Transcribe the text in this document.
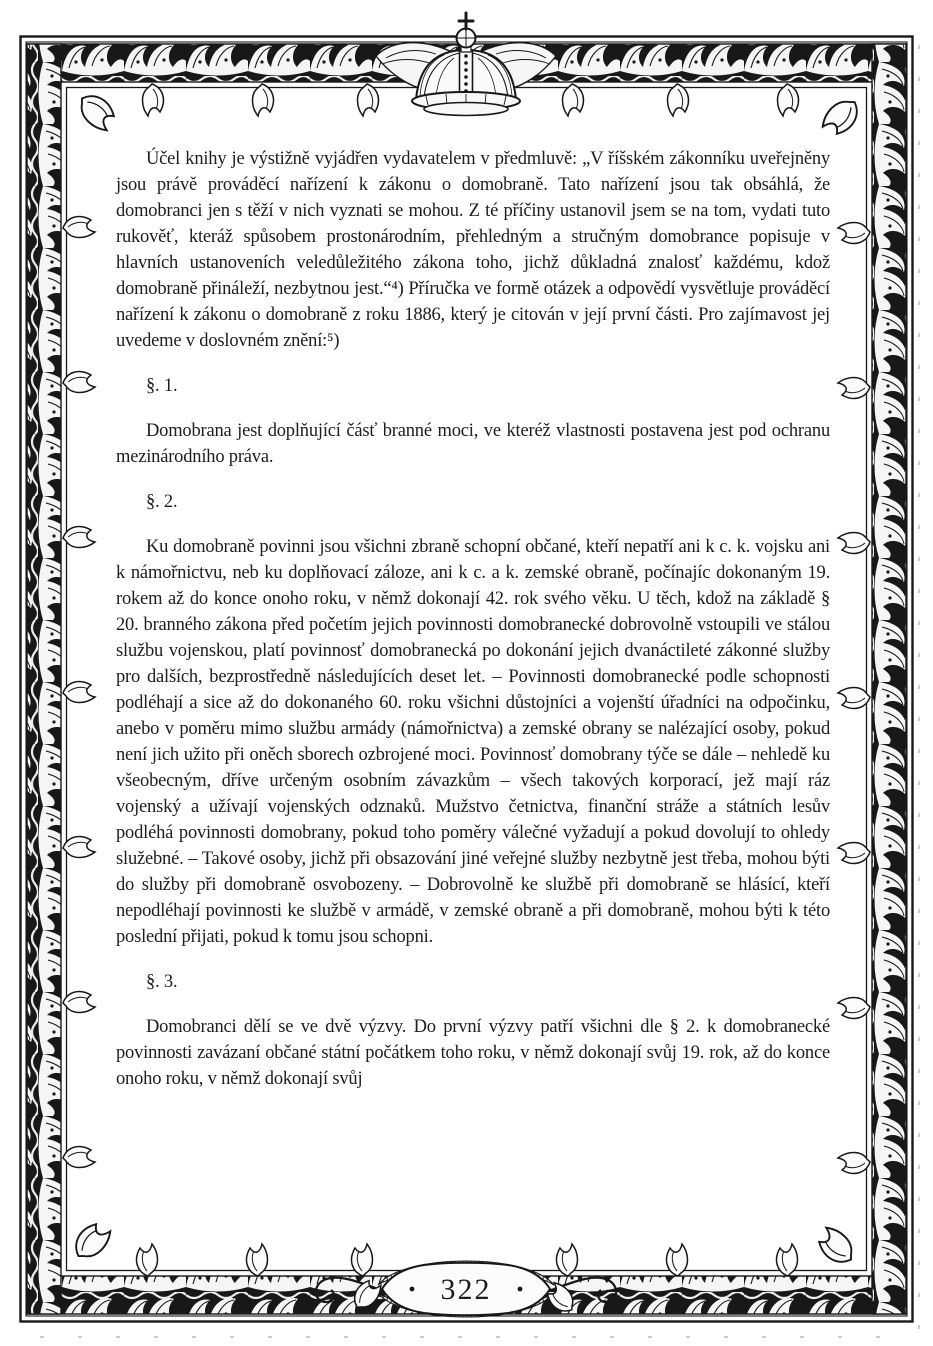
322

Účel knihy je výstižně vyjádřen vydavatelem v předmluvě: „V říšském zákonníku uveřejněny jsou právě prováděcí nařízení k zákonu o domobraně. Tato nařízení jsou tak obsáhlá, že domobranci jen s těží v nich vyznati se mohou. Z té příčiny ustanovil jsem se na tom, vydati tuto rukověť, kteráž spůsobem prostonárodním, přehledným a stručným domobrance popisuje v hlavních ustanoveních veledůležitého zákona toho, jichž důkladná znalosť každému, kdož domobraně přináleží, nezbytnou jest.“⁴) Příručka ve formě otázek a odpovědí vysvětluje prováděcí nařízení k zákonu o domobraně z roku 1886, který je citován v její první části. Pro zajímavost jej uvedeme v doslovném znění:⁵)

§. 1.

Domobrana jest doplňující čásť branné moci, ve kteréž vlastnosti postavena jest pod ochranu mezinárodního práva.

§. 2.

Ku domobraně povinni jsou všichni zbraně schopní občané, kteří nepatří ani k c. k. vojsku ani k námořnictvu, neb ku doplňovací záloze, ani k c. a k. zemské obraně, počínajíc dokonaným 19. rokem až do konce onoho roku, v němž dokonají 42. rok svého věku. U těch, kdož na základě § 20. branného zákona před početím jejich povinnosti domobranecké dobrovolně vstoupili ve stálou službu vojenskou, platí povinnosť domobranecká po dokonání jejich dvanáctileté zákonné služby pro dalších, bezprostředně následujících deset let. – Povinnosti domobranecké podle schopnosti podléhají a sice až do dokonaného 60. roku všichni důstojníci a vojenští úřadníci na odpočinku, anebo v poměru mimo službu armády (námořnictva) a zemské obrany se nalézající osoby, pokud není jich užito při oněch sborech ozbrojené moci. Povinnosť domobrany týče se dále – nehledě ku všeobecným, dříve určeným osobním závazkům – všech takových korporací, jež mají ráz vojenský a užívají vojenských odznaků. Mužstvo četnictva, finanční stráže a státních lesův podléhá povinnosti domobrany, pokud toho poměry válečné vyžadují a pokud dovolují to ohledy služebné. – Takové osoby, jichž při obsazování jiné veřejné služby nezbytně jest třeba, mohou býti do služby při domobraně osvobozeny. – Dobrovolně ke službě při domobraně se hlásící, kteří nepodléhají povinnosti ke službě v armádě, v zemské obraně a při domobraně, mohou býti k této poslední přijati, pokud k tomu jsou schopni.

§. 3.

Domobranci dělí se ve dvě výzvy. Do první výzvy patří všichni dle § 2. k domobranecké povinnosti zavázaní občané státní počátkem toho roku, v němž dokonají svůj 19. rok, až do konce onoho roku, v němž dokonají svůj
